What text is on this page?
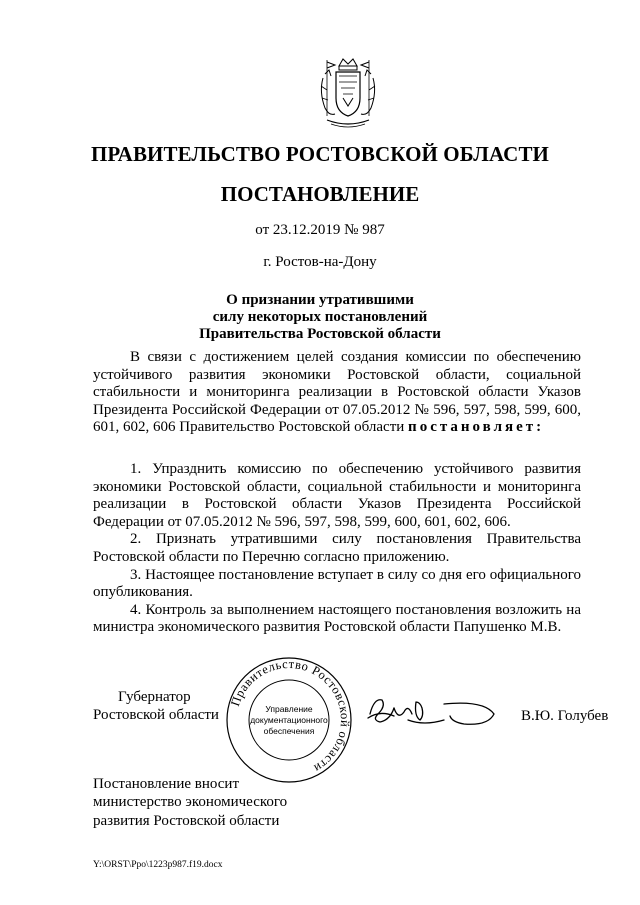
ПРАВИТЕЛЬСТВО РОСТОВСКОЙ ОБЛАСТИ
ПОСТАНОВЛЕНИЕ
от 23.12.2019 № 987
г. Ростов-на-Дону
О признании утратившими
силу некоторых постановлений
Правительства Ростовской области
В связи с достижением целей создания комиссии по обеспечению устойчивого развития экономики Ростовской области, социальной стабильности и мониторинга реализации в Ростовской области Указов Президента Российской Федерации от 07.05.2012 № 596, 597, 598, 599, 600, 601, 602, 606 Правительство Ростовской области постановляет:

1. Упразднить комиссию по обеспечению устойчивого развития экономики Ростовской области, социальной стабильности и мониторинга реализации в Ростовской области Указов Президента Российской Федерации от 07.05.2012 № 596, 597, 598, 599, 600, 601, 602, 606.

2. Признать утратившими силу постановления Правительства Ростовской области по Перечню согласно приложению.

3. Настоящее постановление вступает в силу со дня его официального опубликования.

4. Контроль за выполнением настоящего постановления возложить на министра экономического развития Ростовской области Папушенко М.В.

Губернатор
Ростовской области
Правительство Ростовской области
Управление
документационного
обеспечения
В.Ю. Голубев
Постановление вносит
министерство экономического
развития Ростовской области
Y:\ORST\Ppo\1223p987.f19.docx
